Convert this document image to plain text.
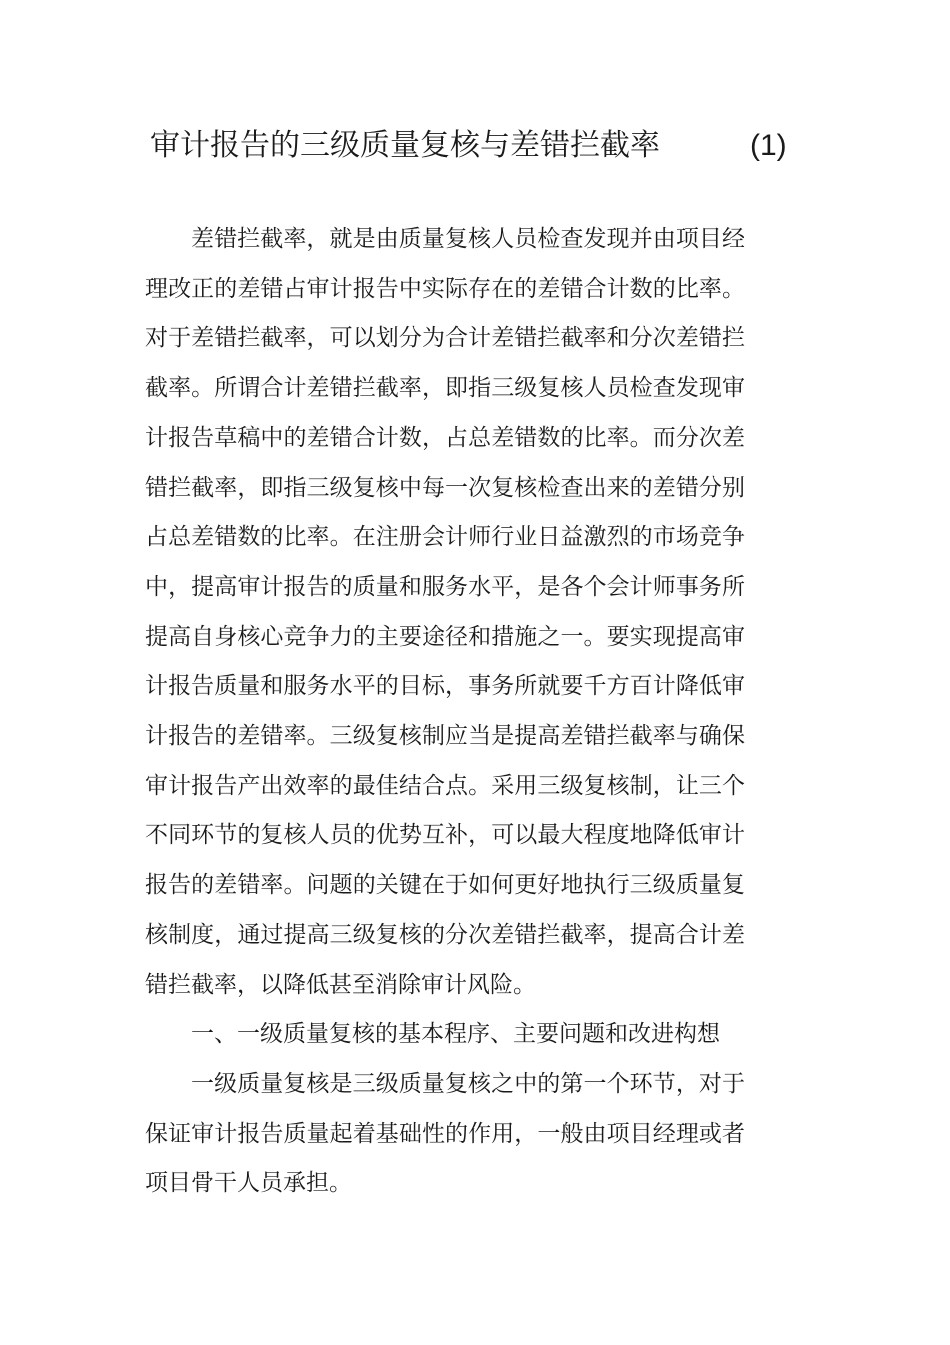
审计报告的三级质量复核与差错拦截率	(1)

差错拦截率，就是由质量复核人员检查发现并由项目经理改正的差错占审计报告中实际存在的差错合计数的比率。对于差错拦截率，可以划分为合计差错拦截率和分次差错拦截率。所谓合计差错拦截率，即指三级复核人员检查发现审计报告草稿中的差错合计数，占总差错数的比率。而分次差错拦截率，即指三级复核中每一次复核检查出来的差错分别占总差错数的比率。在注册会计师行业日益激烈的市场竞争中，提高审计报告的质量和服务水平，是各个会计师事务所提高自身核心竞争力的主要途径和措施之一。要实现提高审计报告质量和服务水平的目标，事务所就要千方百计降低审计报告的差错率。三级复核制应当是提高差错拦截率与确保审计报告产出效率的最佳结合点。采用三级复核制，让三个不同环节的复核人员的优势互补，可以最大程度地降低审计报告的差错率。问题的关键在于如何更好地执行三级质量复核制度，通过提高三级复核的分次差错拦截率，提高合计差错拦截率，以降低甚至消除审计风险。

一、一级质量复核的基本程序、主要问题和改进构想

一级质量复核是三级质量复核之中的第一个环节，对于保证审计报告质量起着基础性的作用，一般由项目经理或者项目骨干人员承担。
